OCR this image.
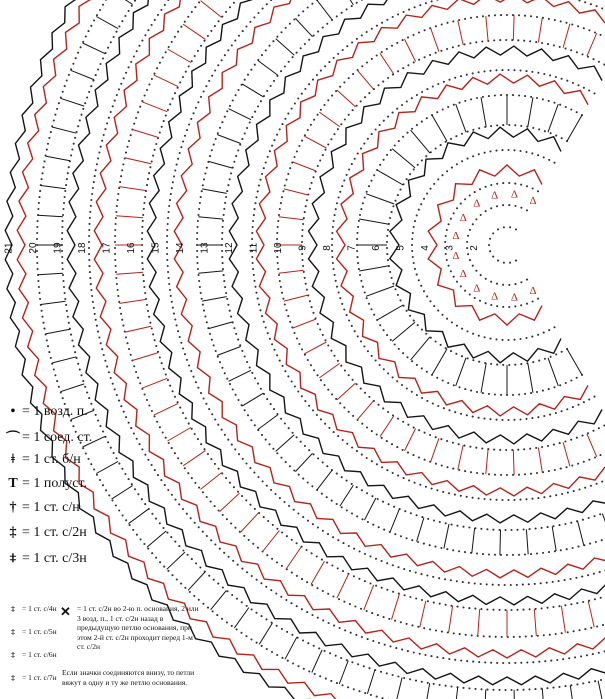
Δ
Δ
Δ
Δ
Δ
Δ
Δ
Δ
Δ
Δ Δ
Δ
2
3
4
5
6
7
8
9
10
11
12
13
14
15
16
17
18
19
20
21
• = 1 возд. п.
⌒ = 1 соед. ст.
ǂ = 1 ст. б/н
T = 1 полуст.
† = 1 ст. с/н
‡ = 1 ст. с/2н
⧧ = 1 ст. с/3н
‡ = 1 ст. с/4н
‡ = 1 ст. с/5н
‡ = 1 ст. с/6н
‡ = 1 ст. с/7н
✕ = 1 ст. с/2н во 2-ю п. основания, 2 или 3 возд. п., 1 ст. с/2н назад в предыдущую петлю основания, при этом 2-й ст. с/2н проходит перед 1-м ст. с/2н
Если значки соединяются внизу, то петли вяжут в одну и ту же петлю основания.
